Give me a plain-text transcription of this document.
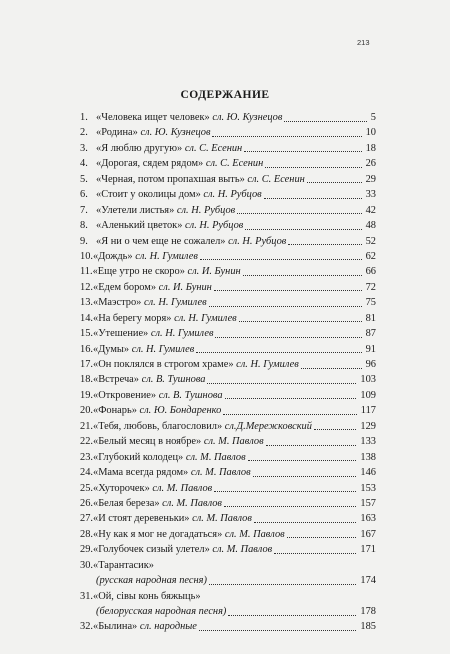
213
СОДЕРЖАНИЕ
1. «Человека ищет человек» сл. Ю. Кузнецов	5
2. «Родина» сл. Ю. Кузнецов	10
3. «Я люблю другую» сл. С. Есенин	18
4. «Дорогая, сядем рядом» сл. С. Есенин	26
5. «Черная, потом пропахшая выть» сл. С. Есенин	29
6. «Стоит у околицы дом» сл. Н. Рубцов	33
7. «Улетели листья» сл. Н. Рубцов	42
8. «Аленький цветок» сл. Н. Рубцов	48
9. «Я ни о чем еще не сожалел» сл. Н. Рубцов	52
10.«Дождь» сл. Н. Гумилев	62
11.«Еще утро не скоро» сл. И. Бунин	66
12.«Едем бором» сл. И. Бунин	72
13.«Маэстро» сл. Н. Гумилев	75
14.«На берегу моря» сл. Н. Гумилев	81
15.«Утешение» сл. Н. Гумилев	87
16.«Думы» сл. Н. Гумилев	91
17.«Он поклялся в строгом храме» сл. Н. Гумилев	96
18.«Встреча» сл. В. Тушнова	103
19.«Откровение» сл. В. Тушнова	109
20.«Фонарь» сл. Ю. Бондаренко	117
21.«Тебя, любовь, благословил» сл.Д.Мережковский	129
22.«Белый месяц в ноябре» сл. М. Павлов	133
23.«Глубокий колодец» сл. М. Павлов	138
24.«Мама всегда рядом» сл. М. Павлов	146
25.«Хуторочек» сл. М. Павлов	153
26.«Белая береза» сл. М. Павлов	157
27.«И стоят деревеньки» сл. М. Павлов	163
28.«Ну как я мог не догадаться» сл. М. Павлов	167
29.«Голубочек сизый улетел» сл. М. Павлов	171
30.«Тарантасик»
(русская народная песня)	174
31.«Ой, сiвы конь бяжыць»
(белорусская народная песня)	178
32.«Былина» сл. народные	185
